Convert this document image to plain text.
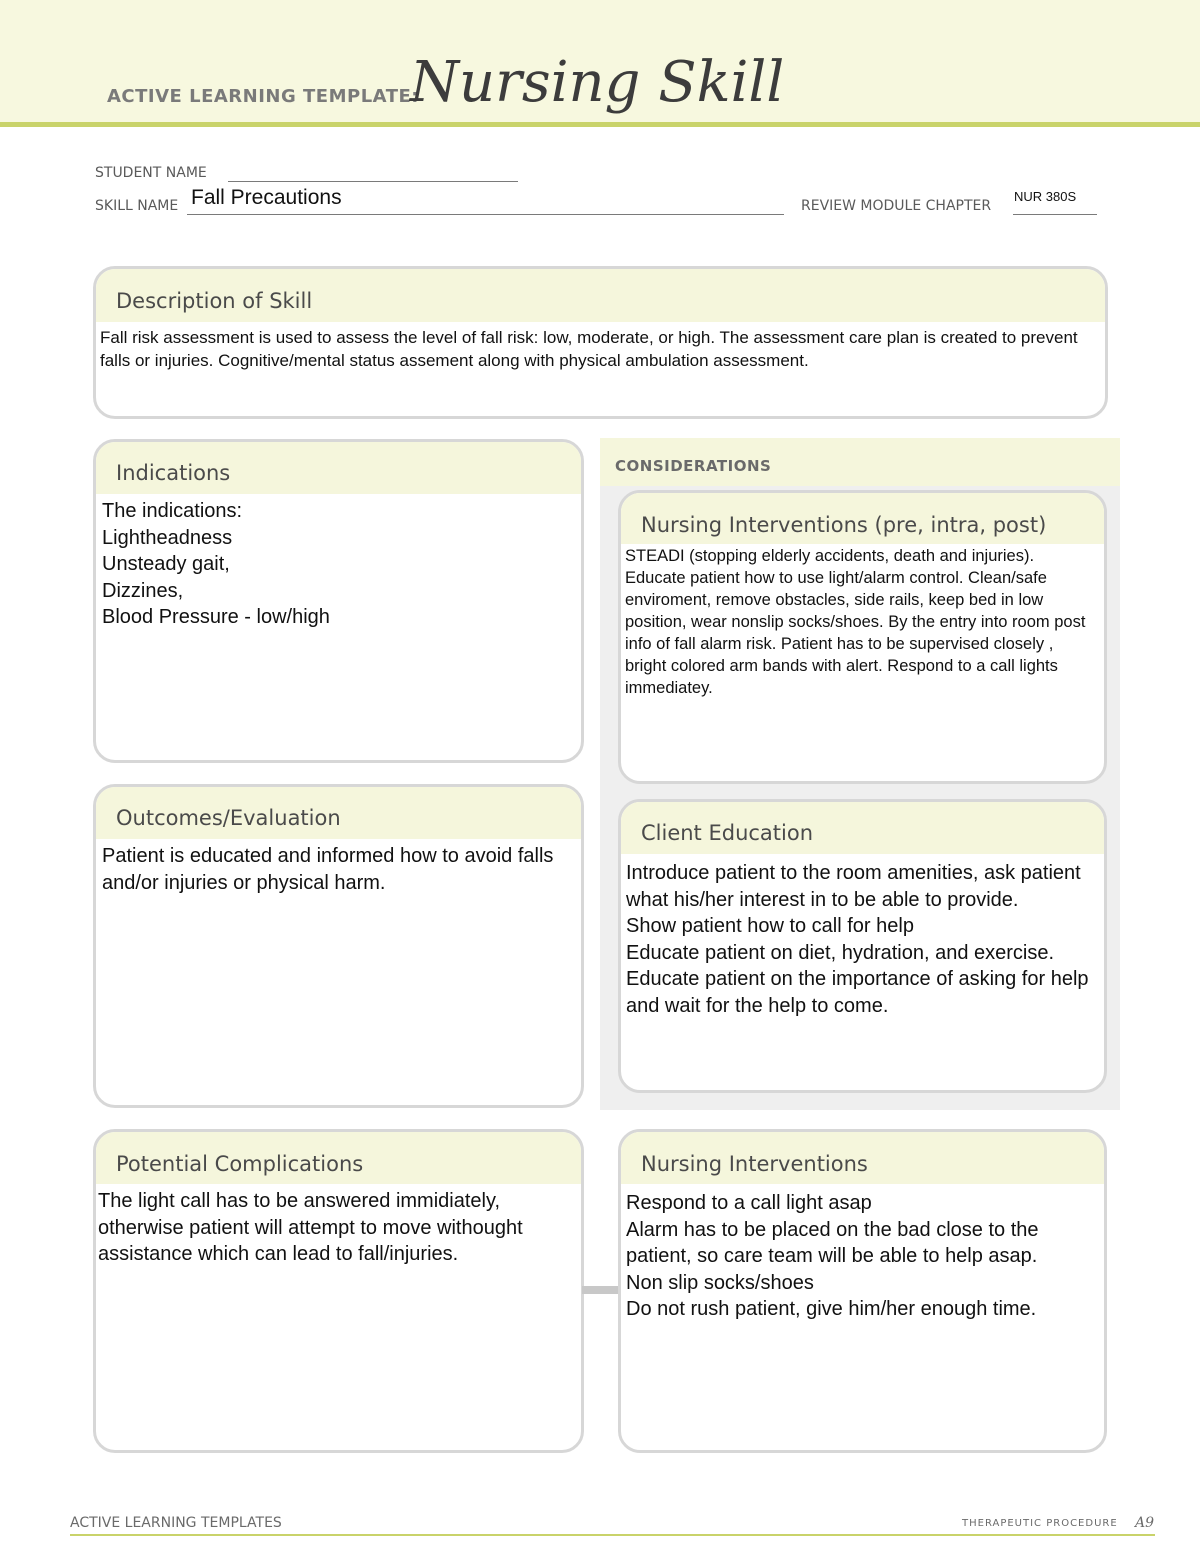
ACTIVE LEARNING TEMPLATE:
Nursing Skill
STUDENT NAME
SKILL NAME Fall Precautions	REVIEW MODULE CHAPTER
NUR 380S
Description of Skill
Fall risk assessment is used to assess the level of fall risk: low, moderate, or high. The assessment care plan is created to prevent falls or injuries. Cognitive/mental status assement along with physical ambulation assessment.
Indications
The indications:
Lightheadness
Unsteady gait,
Dizzines,
Blood Pressure - low/high
CONSIDERATIONS
Nursing Interventions (pre, intra, post)
STEADI (stopping elderly accidents, death and injuries). Educate patient how to use light/alarm control. Clean/safe enviroment, remove obstacles, side rails, keep bed in low position, wear nonslip socks/shoes. By the entry into room post info of fall alarm risk. Patient has to be supervised closely , bright colored arm bands with alert. Respond to a call lights immediatey.
Client Education
Introduce patient to the room amenities, ask patient what his/her interest in to be able to provide.
Show patient how to call for help
Educate patient on diet, hydration, and exercise.
Educate patient on the importance of asking for help and wait for the help to come.
Outcomes/Evaluation
Patient is educated and informed how to avoid falls and/or injuries or physical harm.
Potential Complications
The light call has to be answered immidiately, otherwise patient will attempt to move withought assistance which can lead to fall/injuries.
Nursing Interventions
Respond to a call light asap
Alarm has to be placed on the bad close to the patient, so care team will be able to help asap.
Non slip socks/shoes
Do not rush patient, give him/her enough time.
ACTIVE LEARNING TEMPLATES	THERAPEUTIC PROCEDURE A9
